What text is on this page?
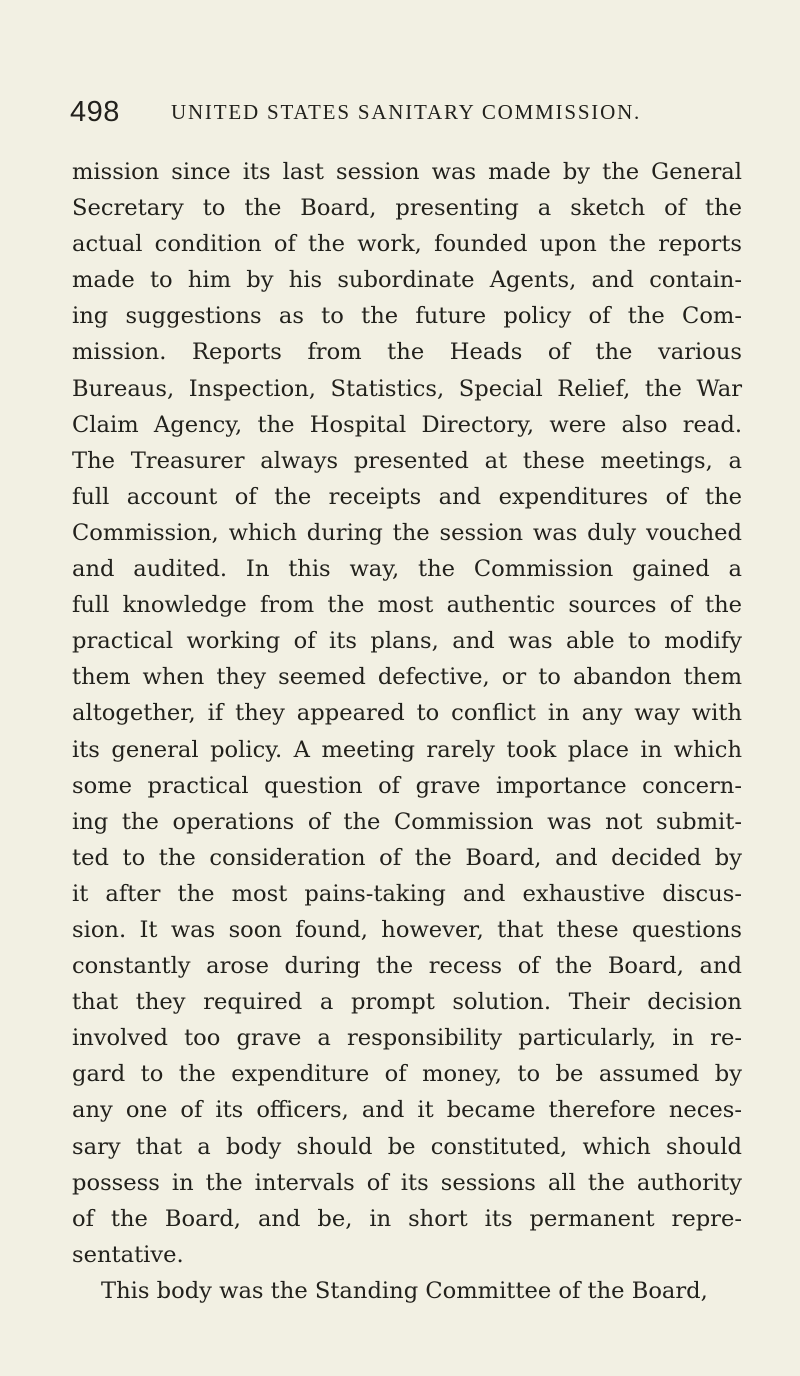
498 UNITED STATES SANITARY COMMISSION.
mission since its last session was made by the General
Secretary to the Board, presenting a sketch of the
actual condition of the work, founded upon the reports
made to him by his subordinate Agents, and contain-
ing suggestions as to the future policy of the Com-
mission. Reports from the Heads of the various
Bureaus, Inspection, Statistics, Special Relief, the War
Claim Agency, the Hospital Directory, were also read.
The Treasurer always presented at these meetings, a
full account of the receipts and expenditures of the
Commission, which during the session was duly vouched
and audited. In this way, the Commission gained a
full knowledge from the most authentic sources of the
practical working of its plans, and was able to modify
them when they seemed defective, or to abandon them
altogether, if they appeared to conflict in any way with
its general policy. A meeting rarely took place in which
some practical question of grave importance concern-
ing the operations of the Commission was not submit-
ted to the consideration of the Board, and decided by
it after the most pains-taking and exhaustive discus-
sion. It was soon found, however, that these questions
constantly arose during the recess of the Board, and
that they required a prompt solution. Their decision
involved too grave a responsibility particularly, in re-
gard to the expenditure of money, to be assumed by
any one of its officers, and it became therefore neces-
sary that a body should be constituted, which should
possess in the intervals of its sessions all the authority
of the Board, and be, in short its permanent repre-
sentative.
This body was the Standing Committee of the Board,
